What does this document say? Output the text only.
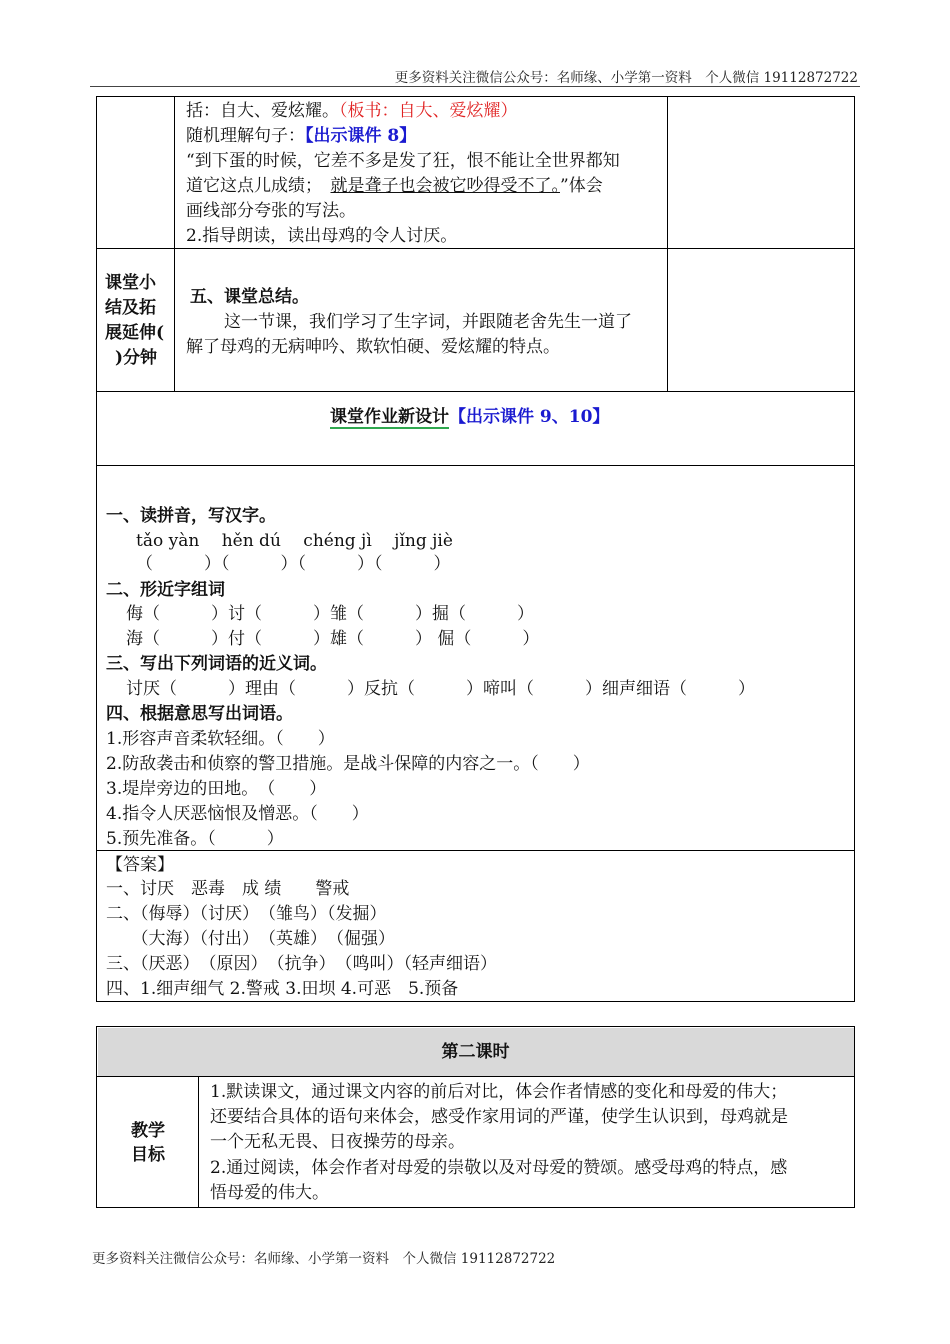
更多资料关注微信公众号：名师缘、小学第一资料　个人微信 19112872722
括：自大、爱炫耀。（板书：自大、爱炫耀）
随机理解句子：【出示课件 8】
“到下蛋的时候，它差不多是发了狂，恨不能让全世界都知
道它这点儿成绩；　 就是聋子也会被它吵得受不了。”体会
画线部分夸张的写法。
2.指导朗读，读出母鸡的令人讨厌。
课堂小
结及拓
展延伸(
)分钟
五、课堂总结。
这一节课，我们学习了生字词，并跟随老舍先生一道了
解了母鸡的无病呻吟、欺软怕硬、爱炫耀的特点。
课堂作业新设计【出示课件 9、10】
一、读拼音，写汉字。
tǎo yàn　 hěn dú　 chéng jì　 jǐng jiè
（　　　）（　　　）（　　　）（　　　）
二、形近字组词
侮（　　　）讨（　　　）雏（　　　）掘（　　　）
海（　　　）付（　　　）雄（　　　） 倔（　　　）
三、写出下列词语的近义词。
讨厌（　　　）理由（　　　）反抗（　　　）啼叫（　　　）细声细语（　　　）
四、根据意思写出词语。
1.形容声音柔软轻细。（　　）
2.防敌袭击和侦察的警卫措施。是战斗保障的内容之一。（　　）
3.堤岸旁边的田地。　（　　）
4.指令人厌恶恼恨及憎恶。（　　）
5.预先准备。（　　　）
【答案】
一、讨厌　恶毒　成 绩　　警戒
二、（侮辱）（讨厌）　（雏鸟）（发掘）
　　（大海）（付出）　（英雄）　（倔强）
三、（厌恶）　（原因）　（抗争）　（鸣叫）（轻声细语）
四、1.细声细气 2.警戒 3.田坝 4.可恶　5.预备
第二课时
教学
目标
1.默读课文，通过课文内容的前后对比，体会作者情感的变化和母爱的伟大；
还要结合具体的语句来体会，感受作家用词的严谨，使学生认识到，母鸡就是
一个无私无畏、日夜操劳的母亲。
2.通过阅读，体会作者对母爱的崇敬以及对母爱的赞颂。感受母鸡的特点，感
悟母爱的伟大。
更多资料关注微信公众号：名师缘、小学第一资料　个人微信 19112872722
